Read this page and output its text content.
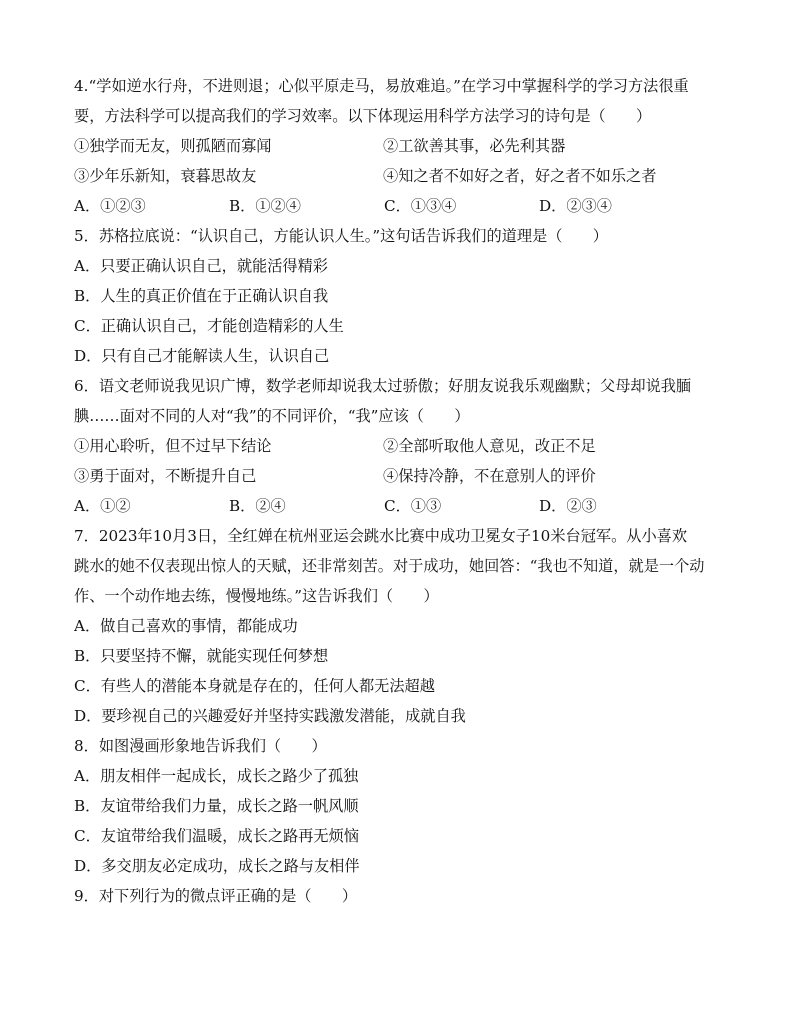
4.“学如逆水行舟，不进则退；心似平原走马，易放难追。”在学习中掌握科学的学习方法很重
要，方法科学可以提高我们的学习效率。以下体现运用科学方法学习的诗句是（　　）
①独学而无友，则孤陋而寡闻	②工欲善其事，必先利其器
③少年乐新知，衰暮思故友	④知之者不如好之者，好之者不如乐之者
A．①②③	B．①②④	C．①③④	D．②③④
5．苏格拉底说：“认识自己，方能认识人生。”这句话告诉我们的道理是（　　）
A．只要正确认识自己，就能活得精彩
B．人生的真正价值在于正确认识自我
C．正确认识自己，才能创造精彩的人生
D．只有自己才能解读人生，认识自己
6．语文老师说我见识广博，数学老师却说我太过骄傲；好朋友说我乐观幽默；父母却说我腼
腆……面对不同的人对“我”的不同评价，“我”应该（　　）
①用心聆听，但不过早下结论	②全部听取他人意见，改正不足
③勇于面对，不断提升自己	④保持冷静，不在意别人的评价
A．①②	B．②④	C．①③	D．②③
7．2023年10月3日，全红婵在杭州亚运会跳水比赛中成功卫冕女子10米台冠军。从小喜欢
跳水的她不仅表现出惊人的天赋，还非常刻苦。对于成功，她回答：“我也不知道，就是一个动
作、一个动作地去练，慢慢地练。”这告诉我们（　　）
A．做自己喜欢的事情，都能成功
B．只要坚持不懈，就能实现任何梦想
C．有些人的潜能本身就是存在的，任何人都无法超越
D．要珍视自己的兴趣爱好并坚持实践激发潜能，成就自我
8．如图漫画形象地告诉我们（　　）
A．朋友相伴一起成长，成长之路少了孤独
B．友谊带给我们力量，成长之路一帆风顺
C．友谊带给我们温暖，成长之路再无烦恼
D．多交朋友必定成功，成长之路与友相伴
9．对下列行为的微点评正确的是（　　）
